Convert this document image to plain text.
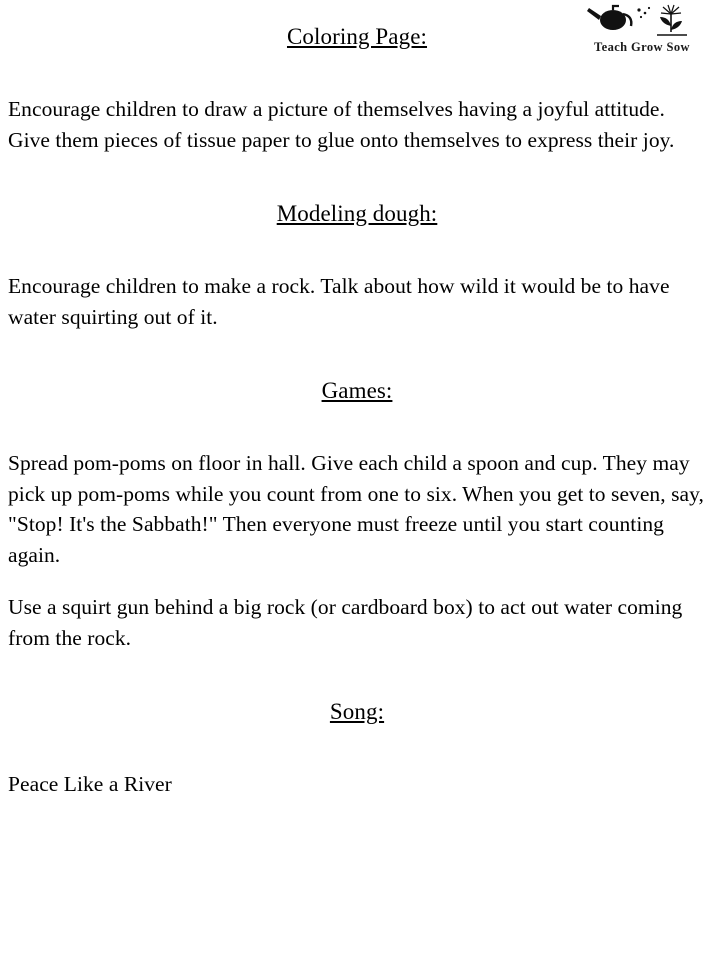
Teach Grow Sow
Coloring Page:

Encourage children to draw a picture of themselves having a joyful attitude. Give them pieces of tissue paper to glue onto themselves to express their joy.

Modeling dough:

Encourage children to make a rock. Talk about how wild it would be to have water squirting out of it.

Games:

Spread pom-poms on floor in hall. Give each child a spoon and cup. They may pick up pom-poms while you count from one to six. When you get to seven, say, "Stop! It's the Sabbath!" Then everyone must freeze until you start counting again.

Use a squirt gun behind a big rock (or cardboard box) to act out water coming from the rock.

Song:

Peace Like a River
